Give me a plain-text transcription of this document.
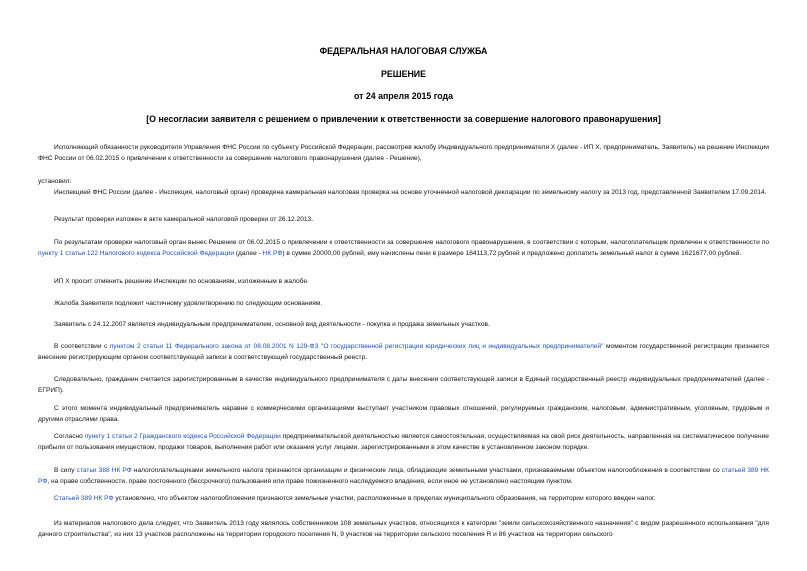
ФЕДЕРАЛЬНАЯ НАЛОГОВАЯ СЛУЖБА
РЕШЕНИЕ
от 24 апреля 2015 года
[О несогласии заявителя с решением о привлечении к ответственности за совершение налогового правонарушения]

Исполняющий обязанности руководителя Управления ФНС России по субъекту Российской Федерации, рассмотрев жалобу Индивидуального предпринимателя Х (далее - ИП Х, предприниматель, Заявитель) на решение Инспекции ФНС России от 06.02.2015 о привлечении к ответственности за совершение налогового правонарушения (далее - Решение),

установил:

Инспекцией ФНС России (далее - Инспекция, налоговый орган) проведена камеральная налоговая проверка на основе уточненной налоговой декларации по земельному налогу за 2013 год, представленной Заявителем 17.09.2014.

Результат проверки изложен в акте камеральной налоговой проверки от 26.12.2013.

По результатам проверки налоговый орган вынес Решение от 06.02.2015 о привлечении к ответственности за совершение налогового правонарушения, в соответствии с которым, налогоплательщик привлечен к ответственности по пункту 1 статьи 122 Налогового кодекса Российской Федерации (далее - НК РФ) в сумме 20000,00 рублей, ему начислены пени в размере 164113,72 рублей и предложено доплатить земельный налог в сумме 1621677,00 рублей.

ИП Х просит отменить решение Инспекции по основаниям, изложенным в жалобе.

Жалоба Заявителя подлежит частичному удовлетворению по следующим основаниям.

Заявитель с 24.12.2007 является индивидуальным предпринимателем, основной вид деятельности - покупка и продажа земельных участков.

В соответствии с пунктом 2 статьи 11 Федерального закона от 08.08.2001 N 129-ФЗ "О государственной регистрации юридических лиц и индивидуальных предпринимателей" моментом государственной регистрации признается внесение регистрирующим органом соответствующей записи в соответствующий государственный реестр.

Следовательно, гражданин считается зарегистрированным в качестве индивидуального предпринимателя с даты внесения соответствующей записи в Единый государственный реестр индивидуальных предпринимателей (далее - ЕГРИП).

С этого момента индивидуальный предприниматель наравне с коммерческими организациями выступает участником правовых отношений, регулируемых гражданским, налоговым, административным, уголовным, трудовым и другими отраслями права.

Согласно пункту 1 статьи 2 Гражданского кодекса Российской Федерации предпринимательской деятельностью является самостоятельная, осуществляемая на свой риск деятельность, направленная на систематическое получение прибыли от пользования имуществом, продажи товаров, выполнения работ или оказания услуг лицами, зарегистрированными в этом качестве в установленном законом порядке.

В силу статьи 388 НК РФ налогоплательщиками земельного налога признаются организации и физические лица, обладающие земельными участками, признаваемыми объектом налогообложения в соответствии со статьей 389 НК РФ, на праве собственности, праве постоянного (бессрочного) пользования или праве пожизненного наследуемого владения, если иное не установлено настоящим пунктом.

Статьей 389 НК РФ установлено, что объектом налогообложения признаются земельные участки, расположенные в пределах муниципального образования, на территории которого введен налог.

Из материалов налогового дела следует, что Заявитель 2013 году являлось собственником 108 земельных участков, относящихся к категории "земли сельскохозяйственного назначения" с видом разрешенного использования "для дачного строительства", из них 13 участков расположены на территории городского поселения N, 9 участков на территории сельского поселения R и 86 участков на территории сельского
